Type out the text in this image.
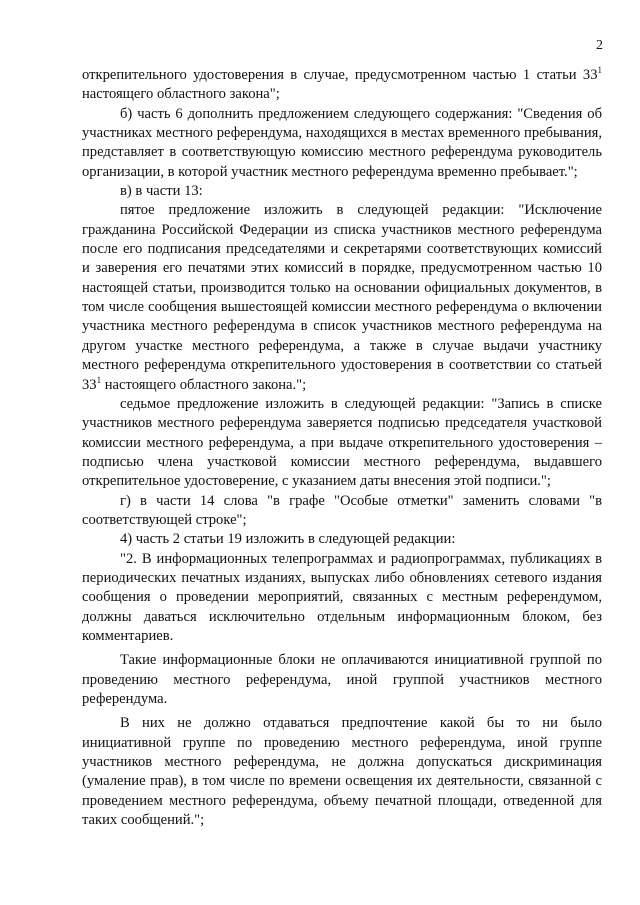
2

открепительного удостоверения в случае, предусмотренном частью 1 статьи $33^1$ настоящего областного закона";

б) часть 6 дополнить предложением следующего содержания: "Сведения об участниках местного референдума, находящихся в местах временного пребывания, представляет в соответствующую комиссию местного референдума руководитель организации, в которой участник местного референдума временно пребывает.";

в) в части 13:

пятое предложение изложить в следующей редакции: "Исключение гражданина Российской Федерации из списка участников местного референдума после его подписания председателями и секретарями соответствующих комиссий и заверения его печатями этих комиссий в порядке, предусмотренном частью 10 настоящей статьи, производится только на основании официальных документов, в том числе сообщения вышестоящей комиссии местного референдума о включении участника местного референдума в список участников местного референдума на другом участке местного референдума, а также в случае выдачи участнику местного референдума открепительного удостоверения в соответствии со статьей $33^1$ настоящего областного закона.";

седьмое предложение изложить в следующей редакции: "Запись в списке участников местного референдума заверяется подписью председателя участковой комиссии местного референдума, а при выдаче открепительного удостоверения – подписью члена участковой комиссии местного референдума, выдавшего открепительное удостоверение, с указанием даты внесения этой подписи.";

г) в части 14 слова "в графе "Особые отметки" заменить словами "в соответствующей строке";

4) часть 2 статьи 19 изложить в следующей редакции:

"2. В информационных телепрограммах и радиопрограммах, публикациях в периодических печатных изданиях, выпусках либо обновлениях сетевого издания сообщения о проведении мероприятий, связанных с местным референдумом, должны даваться исключительно отдельным информационным блоком, без комментариев.

Такие информационные блоки не оплачиваются инициативной группой по проведению местного референдума, иной группой участников местного референдума.

В них не должно отдаваться предпочтение какой бы то ни было инициативной группе по проведению местного референдума, иной группе участников местного референдума, не должна допускаться дискриминация (умаление прав), в том числе по времени освещения их деятельности, связанной с проведением местного референдума, объему печатной площади, отведенной для таких сообщений.";
